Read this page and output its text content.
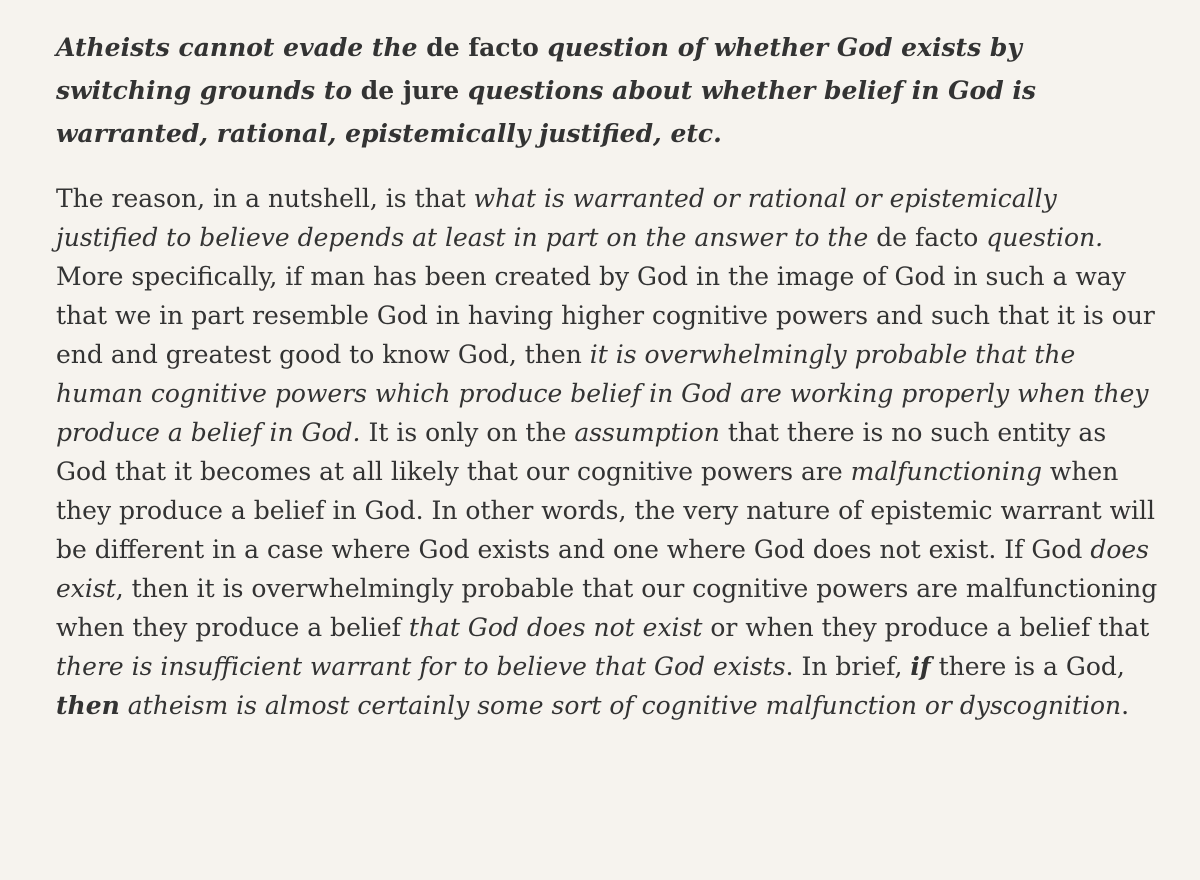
Atheists cannot evade the de facto question of whether God exists by switching grounds to de jure questions about whether belief in God is warranted, rational, epistemically justified, etc.

The reason, in a nutshell, is that what is warranted or rational or epistemically justified to believe depends at least in part on the answer to the de facto question. More specifically, if man has been created by God in the image of God in such a way that we in part resemble God in having higher cognitive powers and such that it is our end and greatest good to know God, then it is overwhelmingly probable that the human cognitive powers which produce belief in God are working properly when they produce a belief in God. It is only on the assumption that there is no such entity as God that it becomes at all likely that our cognitive powers are malfunctioning when they produce a belief in God. In other words, the very nature of epistemic warrant will be different in a case where God exists and one where God does not exist. If God does exist, then it is overwhelmingly probable that our cognitive powers are malfunctioning when they produce a belief that God does not exist or when they produce a belief that there is insufficient warrant for to believe that God exists. In brief, if there is a God, then atheism is almost certainly some sort of cognitive malfunction or dyscognition.
